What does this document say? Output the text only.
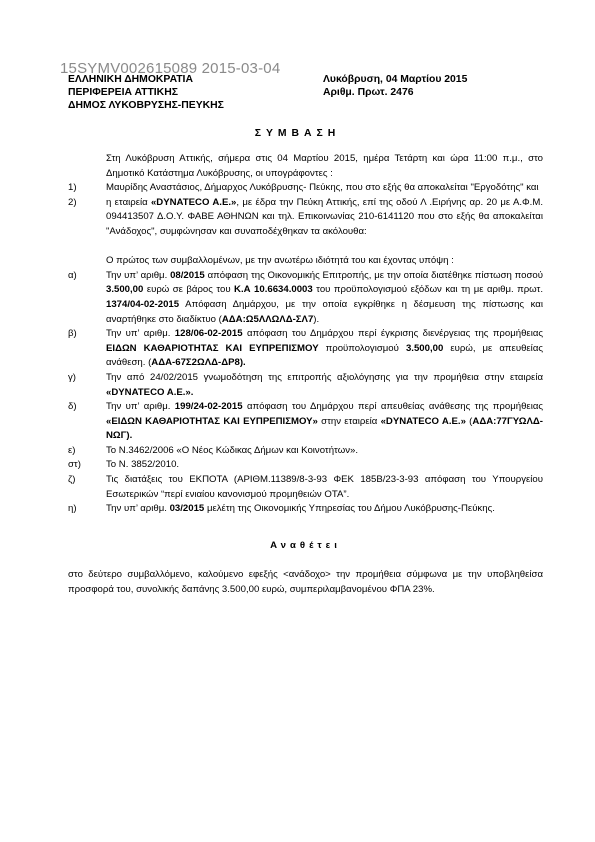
15SYMV002615089 2015-03-04
ΕΛΛΗΝΙΚΗ ΔΗΜΟΚΡΑΤΙΑ
ΠΕΡΙΦΕΡΕΙΑ ΑΤΤΙΚΗΣ
ΔΗΜΟΣ ΛΥΚΟΒΡΥΣΗΣ-ΠΕΥΚΗΣ
Λυκόβρυση, 04 Μαρτίου 2015
Αριθμ. Πρωτ. 2476
ΣΥΜΒΑΣΗ

Στη Λυκόβρυση Αττικής, σήμερα στις 04 Μαρτίου 2015, ημέρα Τετάρτη και ώρα 11:00 π.μ., στο Δημοτικό Κατάστημα Λυκόβρυσης, οι υπογράφοντες :

1)	Μαυρίδης Αναστάσιος, Δήμαρχος Λυκόβρυσης- Πεύκης, που στο εξής θα αποκαλείται "Εργοδότης" και
2)	η εταιρεία «DYNATECO A.E.», με έδρα την Πεύκη Αττικής, επί της οδού Λ .Ειρήνης αρ. 20 με Α.Φ.Μ. 094413507 Δ.Ο.Υ. ΦΑΒΕ ΑΘΗΝΩΝ και τηλ. Επικοινωνίας 210-6141120 που στο εξής θα αποκαλείται "Ανάδοχος", συμφώνησαν και συναποδέχθηκαν τα ακόλουθα:

Ο πρώτος των συμβαλλομένων, με την ανωτέρω ιδιότητά του και έχοντας υπόψη :

α)	Την υπ’ αριθμ. 08/2015 απόφαση της Οικονομικής Επιτροπής, με την οποία διατέθηκε πίστωση ποσού 3.500,00 ευρώ σε βάρος του Κ.Α 10.6634.0003 του προϋπολογισμού εξόδων και τη με αριθμ. πρωτ. 1374/04-02-2015 Απόφαση Δημάρχου, με την οποία εγκρίθηκε η δέσμευση της πίστωσης και αναρτήθηκε στο διαδίκτυο (ΑΔΑ:Ω5ΛΛΩΛΔ-ΣΛ7).
β)	Την υπ’ αριθμ. 128/06-02-2015 απόφαση του Δημάρχου περί έγκρισης διενέργειας της προμήθειας ΕΙΔΩΝ ΚΑΘΑΡΙΟΤΗΤΑΣ ΚΑΙ ΕΥΠΡΕΠΙΣΜΟΥ προϋπολογισμού 3.500,00 ευρώ, με απευθείας ανάθεση. (ΑΔΑ-67Σ2ΩΛΔ-ΔΡ8).
γ)	Την από 24/02/2015 γνωμοδότηση της επιτροπής αξιολόγησης για την προμήθεια στην εταιρεία «DYNATECO A.E.».
δ)	Την υπ’ αριθμ. 199/24-02-2015 απόφαση του Δημάρχου περί απευθείας ανάθεσης της προμήθειας «ΕΙΔΩΝ ΚΑΘΑΡΙΟΤΗΤΑΣ ΚΑΙ ΕΥΠΡΕΠΙΣΜΟΥ» στην εταιρεία «DYNATECO A.E.» (ΑΔΑ:77ΓΥΩΛΔ-ΝΩΓ).
ε)	Το Ν.3462/2006 «Ο Νέος Κώδικας Δήμων και Κοινοτήτων».
στ)	Το Ν. 3852/2010.
ζ)	Τις διατάξεις του ΕΚΠΟΤΑ (ΑΡΙΘΜ.11389/8-3-93 ΦΕΚ 185Β/23-3-93 απόφαση του Υπουργείου Εσωτερικών “περί ενιαίου κανονισμού προμηθειών ΟΤΑ”.
η)	Την υπ’ αριθμ. 03/2015 μελέτη της Οικονομικής Υπηρεσίας του Δήμου Λυκόβρυσης-Πεύκης.

Αναθέτει

στο δεύτερο συμβαλλόμενο, καλούμενο εφεξής <ανάδοχο> την προμήθεια σύμφωνα με την υποβληθείσα προσφορά του, συνολικής δαπάνης 3.500,00 ευρώ, συμπεριλαμβανομένου ΦΠΑ 23%.
